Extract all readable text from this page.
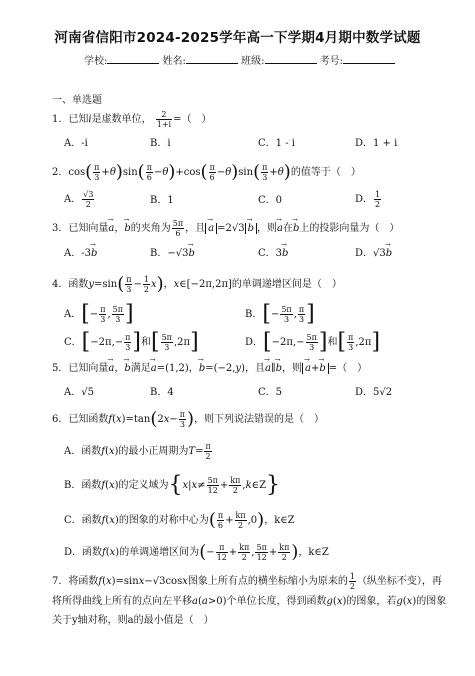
河南省信阳市2024-2025学年高一下学期4月期中数学试题
学校:	姓名:	班级:	考号:
一、单选题
1．已知i是虚数单位， $\frac{2}{1+i}$ =（　）
A．-i	B．i	C．1 - i	D．1 + i
2．$\cos( \frac{\pi}{3} +\theta)\sin( \frac{\pi}{6} -\theta)+\cos( \frac{\pi}{6} -\theta)\sin( \frac{\pi}{3} +\theta)$的值等于（　）
A． $\frac{√3}{2}$	B．1	C．0	D． $\frac{1}{2}$
3．已知向量→ a，→ b的夹角为 $\frac{5\pi}{6}$ ，且 → a =2√3 → b ，则→ a在→ b上的投影向量为（　）
A．-3→ b	B．−√3→ b	C．3→ b	D．√3→ b
4．函数$y=\sin( \frac{\pi}{3} - \frac{1}{2} x)$，x∈[−2π,2π]的单调递增区间是（　）
A．[− $\frac{\pi}{3}$ , $\frac{5\pi}{3}$ ]	B．[− $\frac{5\pi}{3}$ , $\frac{\pi}{3}$ ]
C．[$-2\pi,- \frac{\pi}{3}$ ]和[ $\frac{5\pi}{3} ,2\pi$]	D．[$-2\pi,- \frac{5\pi}{3}$ ]和[ $\frac{\pi}{3} ,2\pi$]
5．已知向量→ a，→ b满足→ a=(1,2)，→ b=(−2,y)，且→ a∥→ b，则 → a+→ b =（　）
A．√5	B．4	C．5	D．5√2
6．已知函数$f(x)=\tan(2x- \frac{\pi}{3}$ )，则下列说法错误的是（　）
A．函数f(x)的最小正周期为$T= \frac{\pi}{2}$
B．函数f(x)的定义域为{$x|x\ne \frac{5\pi}{12} + \frac{k\pi}{2}$ ,k∈Z}
C．函数f(x)的图象的对称中心为( $\frac{\pi}{6} + \frac{k\pi}{2} ,0$)，k∈Z
D．函数f(x)的单调递增区间为(− $\frac{\pi}{12} + \frac{k\pi}{2}$ , $\frac{5\pi}{12} + \frac{k\pi}{2}$ )，k∈Z
7．将函数f(x)=sinx−√3cosx图象上所有点的横坐标缩小为原来的 $\frac{1}{2}$ （纵坐标不变），再
将所得曲线上所有的点向左平移a(a>0)个单位长度，得到函数g(x)的图象，若g(x)的图象
关于y轴对称，则a的最小值是（　）
